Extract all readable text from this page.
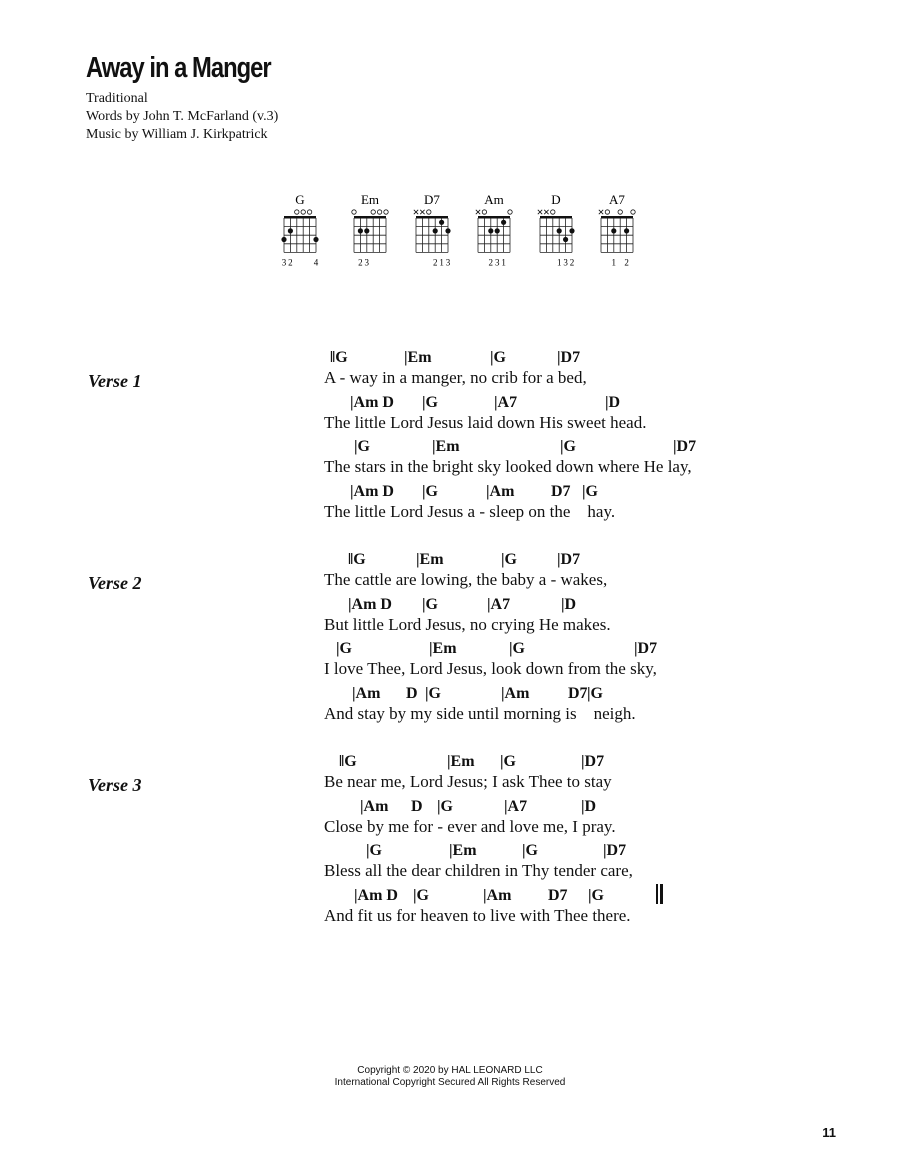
Away in a Manger
Traditional
Words by John T. McFarland (v.3)
Music by William J. Kirkpatrick
G
3 2 4
Em
2 3
D7
2 1 3
Am
2 3 1
D
1 3 2
A7
1 2
Verse 1
‖G	|Em	|G	|D7
A - way in a manger, no crib for a bed,
|Am D |G	|A7	|D
The little Lord Jesus laid down His sweet head.
|G	|Em	|G	|D7
The stars in the bright sky looked down where He lay,
|Am D |G	|Am D7 |G
The little Lord Jesus a - sleep on the    hay.
Verse 2
‖G	|Em	|G	|D7
The cattle are lowing, the baby a - wakes,
|Am D |G	|A7	|D
But little Lord Jesus, no crying He makes.
|G	|Em	|G	|D7
I love Thee, Lord Jesus, look down from the sky,
|Am D |G	|Am D7 |G
And stay by my side until morning is    neigh.
Verse 3
‖G	|Em |G	|D7
Be near me, Lord Jesus; I ask Thee to stay
|Am D |G	|A7	|D
Close by me for - ever and love me, I pray.
|G	|Em	|G	|D7
Bless all the dear children in Thy tender care,
|Am D |G	|Am D7 |G
And fit us for heaven to live with Thee there.
Copyright © 2020 by HAL LEONARD LLC
International Copyright Secured All Rights Reserved
11
